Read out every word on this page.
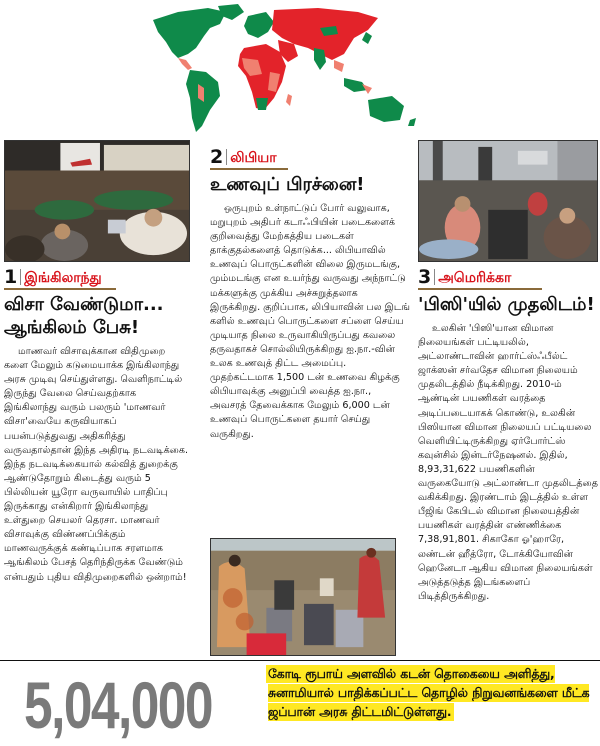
1 இங்கிலாந்து
விசா வேண்டுமா...
ஆங்கிலம் பேசு!

மாணவர் விசாவுக்கான விதிமுறை களை மேலும் கடுமையாக்க இங்கிலாந்து அரசு முடிவு செய்துள்ளது. வெளிநாட்டில் இருந்து வேலை செய்வதற்காக இங்கிலாந்து வரும் பலரும் 'மாணவர் விசா'வையே கருவியாகப் பயன்படுத்துவது அதிகரித்து வருவதால்தான் இந்த அதிரடி நடவடிக்கை. இந்த நடவடிக்கையால் கல்வித் துறைக்கு ஆண்டுதோறும் கிடைத்து வரும் 5 பில்லியன் யூரோ வருவாயில் பாதிப்பு இருக்காது என்கிறார் இங்கிலாந்து உள்துறை செயலர் தெரசா. மாணவர் விசாவுக்கு விண்ணப்பிக்கும் மாணவருக்குக் கண்டிப்பாக சரளமாக ஆங்கிலம் பேசத் தெரிந்திருக்க வேண்டும் என்பதும் புதிய விதிமுறைகளில் ஒன்றாம்!

2 லிபியா
உணவுப் பிரச்னை!

ஒருபுறம் உள்நாட்டுப் போர் வலுவாக, மறுபுறம் அதிபர் கடாஃபியின் படைகளைக் குறிவைத்து மேற்கத்திய படைகள் தாக்குதல்களைத் தொடுக்க... லிபியாவில் உணவுப் பொருட்களின் விலை இருமடங்கு, மும்மடங்கு என உயர்ந்து வருவது அந்நாட்டு மக்களுக்கு முக்கிய அச்சுறுத்தலாக இருக்கிறது. குறிப்பாக, லிபியாவின் பல இடங் களில் உணவுப் பொருட்களை சப்ளை செய்ய முடியாத நிலை உருவாகியிருப்பது கவலை தருவதாகச் சொல்லியிருக்கிறது ஐ.நா.-வின் உலக உணவுத் திட்ட அமைப்பு. முதற்கட்டமாக 1,500 டன் உணவை கிழக்கு லிபியாவுக்கு அனுப்பி வைத்த ஐ.நா., அவசரத் தேவைக்காக மேலும் 6,000 டன் உணவுப் பொருட்களை தயார் செய்து வருகிறது.

3 அமெரிக்கா
'பிஸி'யில் முதலிடம்!

உலகின் 'பிஸி'யான விமான நிலையங்கள் பட்டியலில், அட்லாண்டாவின் ஹார்ட்ஸ்ஃபீல்ட் ஜாக்ஸன் சர்வதேச விமான நிலையம் முதலிடத்தில் நீடிக்கிறது. 2010-ம் ஆண்டின் பயணிகள் வரத்தை அடிப்படையாகக் கொண்டு, உலகின் பிஸியான விமான நிலையப் பட்டியலை வெளியிட்டிருக்கிறது ஏர்போர்ட்ஸ் கவுன்சில் இன்டர்நேஷனல். இதில், 8,93,31,622 பயணிகளின் வருகையோடு அட்லாண்டா முதலிடத்தை வகிக்கிறது. இரண்டாம் இடத்தில் உள்ள பீஜிங் கேபிடல் விமான நிலையத்தின் பயணிகள் வரத்தின் எண்ணிக்கை 7,38,91,801. சிகாகோ ஓ'ஹாரே, லண்டன் ஹீத்ரோ, டோக்கியோவின் ஹெனேடா ஆகிய விமான நிலையங்கள் அடுத்தடுத்த இடங்களைப் பிடித்திருக்கிறது.

5,04,000	கோடி ரூபாய் அளவில் கடன் தொகையை அளித்து, சுனாமியால் பாதிக்கப்பட்ட தொழில் நிறுவனங்களை மீட்க ஜப்பான் அரசு திட்டமிட்டுள்ளது.
